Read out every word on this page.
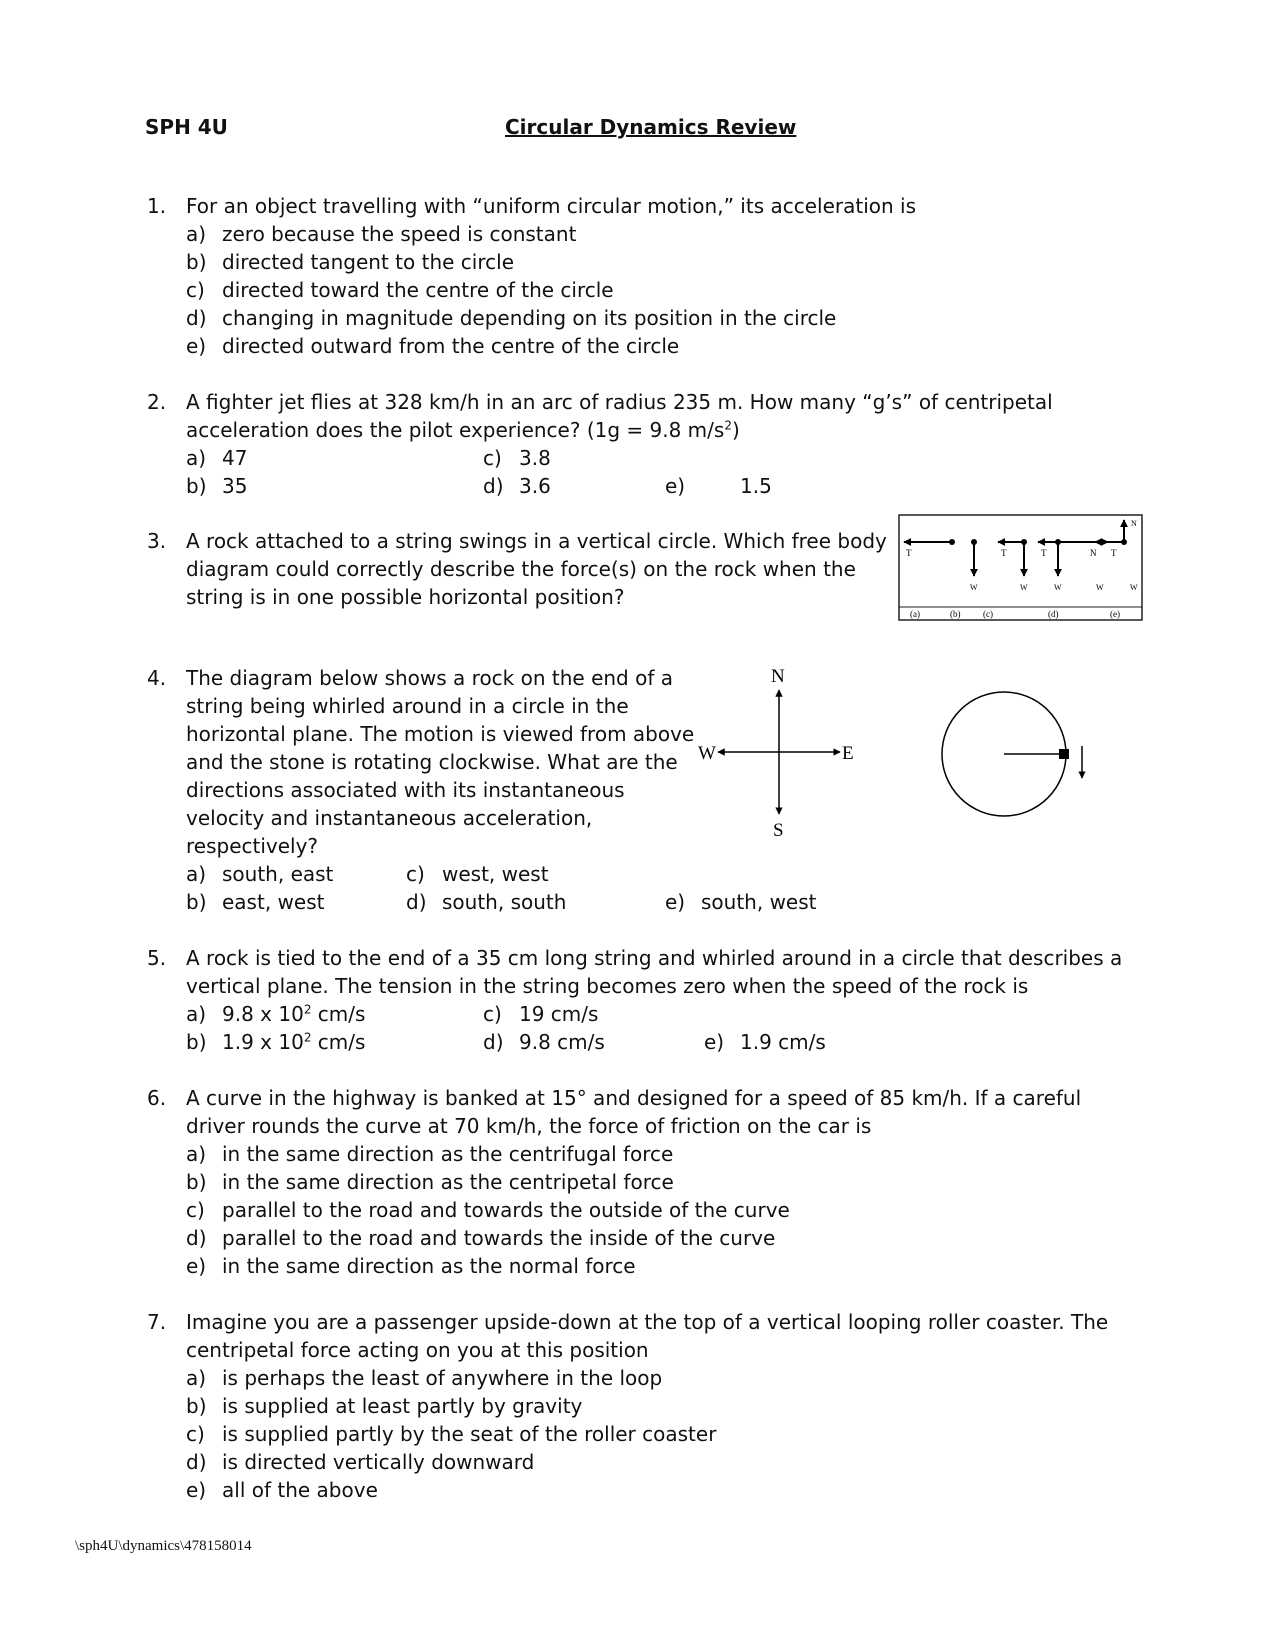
SPH 4U	Circular Dynamics Review
1. For an object travelling with “uniform circular motion,” its acceleration is
a) zero because the speed is constant
b) directed tangent to the circle
c) directed toward the centre of the circle
d) changing in magnitude depending on its position in the circle
e) directed outward from the centre of the circle
2. A fighter jet flies at 328 km/h in an arc of radius 235 m. How many “g’s” of centripetal
acceleration does the pilot experience? (1g = 9.8 $m/s^2$)
a) 47	c) 3.8
b) 35	d) 3.6	e)	1.5
3. A rock attached to a string swings in a vertical circle. Which free body
diagram could correctly describe the force(s) on the rock when the
string is in one possible horizontal position?
T	T	T	N T
N
W	W	W	W	W
(a)	(b)	(c)	(d)	(e)
4. The diagram below shows a rock on the end of a
string being whirled around in a circle in the
horizontal plane. The motion is viewed from above
and the stone is rotating clockwise. What are the
directions associated with its instantaneous
velocity and instantaneous acceleration,
respectively?
N
S
E
W
a) south, east	c) west, west
b) east, west	d) south, south	e) south, west
5. A rock is tied to the end of a 35 cm long string and whirled around in a circle that describes a
vertical plane. The tension in the string becomes zero when the speed of the rock is
a) 9.8 x $10^2$ cm/s	c) 19 cm/s
b) 1.9 x $10^2$ cm/s	d) 9.8 cm/s	e) 1.9 cm/s
6. A curve in the highway is banked at 15° and designed for a speed of 85 km/h. If a careful
driver rounds the curve at 70 km/h, the force of friction on the car is
a) in the same direction as the centrifugal force
b) in the same direction as the centripetal force
c) parallel to the road and towards the outside of the curve
d) parallel to the road and towards the inside of the curve
e) in the same direction as the normal force
7. Imagine you are a passenger upside-down at the top of a vertical looping roller coaster. The
centripetal force acting on you at this position
a) is perhaps the least of anywhere in the loop
b) is supplied at least partly by gravity
c) is supplied partly by the seat of the roller coaster
d) is directed vertically downward
e) all of the above
\sph4U\dynamics\478158014
